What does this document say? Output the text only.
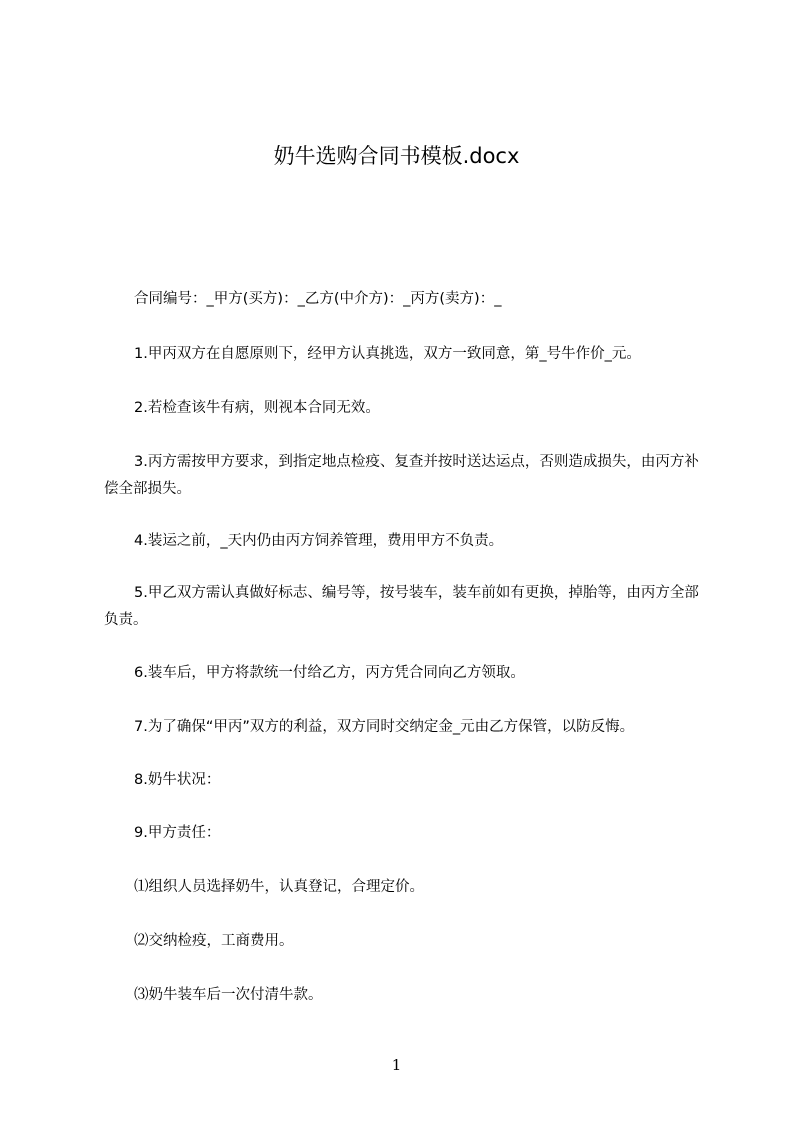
奶牛选购合同书模板.docx
合同编号：_甲方(买方)：_乙方(中介方)：_丙方(卖方)：_
1.甲丙双方在自愿原则下，经甲方认真挑选，双方一致同意，第_号牛作价_元。
2.若检查该牛有病，则视本合同无效。
3.丙方需按甲方要求，到指定地点检疫、复查并按时送达运点，否则造成损失，由丙方补偿全部损失。
4.装运之前，_天内仍由丙方饲养管理，费用甲方不负责。
5.甲乙双方需认真做好标志、编号等，按号装车，装车前如有更换，掉胎等，由丙方全部负责。
6.装车后，甲方将款统一付给乙方，丙方凭合同向乙方领取。
7.为了确保“甲丙”双方的利益，双方同时交纳定金_元由乙方保管，以防反悔。
8.奶牛状况：
9.甲方责任：
⑴组织人员选择奶牛，认真登记，合理定价。
⑵交纳检疫，工商费用。
⑶奶牛装车后一次付清牛款。
1
